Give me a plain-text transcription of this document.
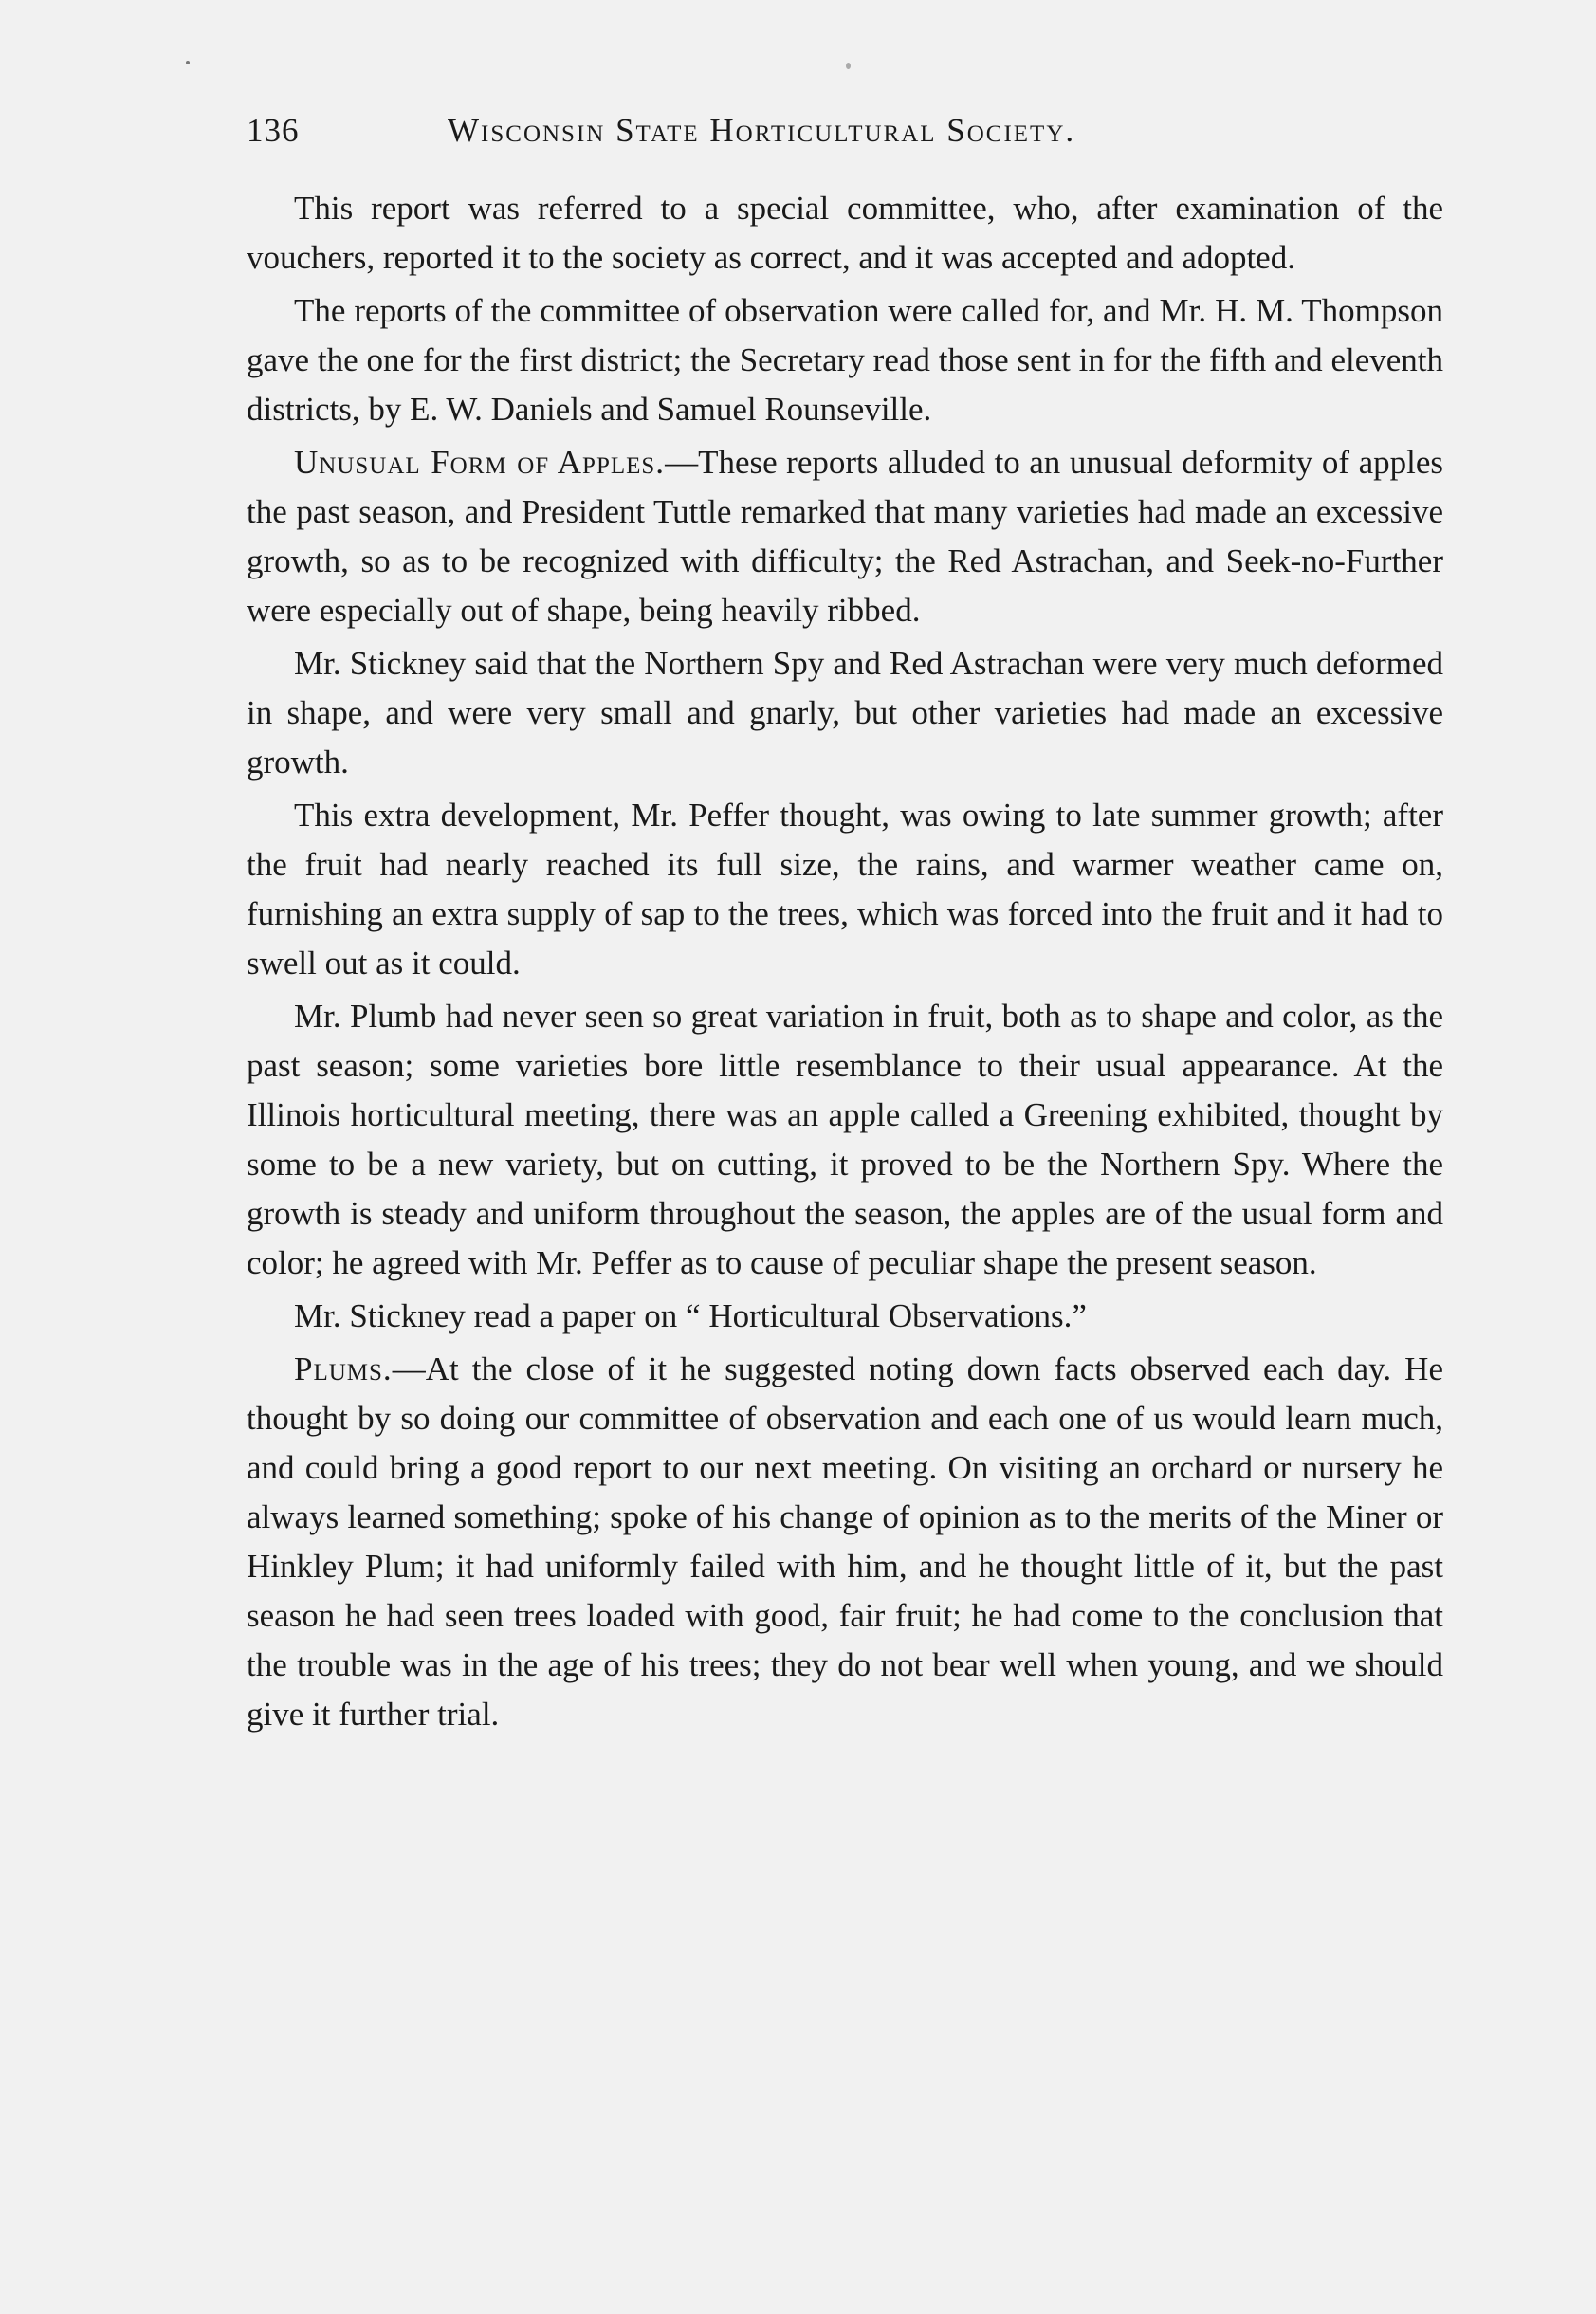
136	Wisconsin State Horticultural Society.

This report was referred to a special committee, who, after examination of the vouchers, reported it to the society as correct, and it was accepted and adopted.

The reports of the committee of observation were called for, and Mr. H. M. Thompson gave the one for the first district; the Secretary read those sent in for the fifth and eleventh districts, by E. W. Daniels and Samuel Rounseville.

Unusual Form of Apples.—These reports alluded to an unusual deformity of apples the past season, and President Tuttle remarked that many varieties had made an excessive growth, so as to be recognized with difficulty; the Red Astrachan, and Seek-no-Further were especially out of shape, being heavily ribbed.

Mr. Stickney said that the Northern Spy and Red Astrachan were very much deformed in shape, and were very small and gnarly, but other varieties had made an excessive growth.

This extra development, Mr. Peffer thought, was owing to late summer growth; after the fruit had nearly reached its full size, the rains, and warmer weather came on, furnishing an extra supply of sap to the trees, which was forced into the fruit and it had to swell out as it could.

Mr. Plumb had never seen so great variation in fruit, both as to shape and color, as the past season; some varieties bore little resemblance to their usual appearance. At the Illinois horticultural meeting, there was an apple called a Greening exhibited, thought by some to be a new variety, but on cutting, it proved to be the Northern Spy. Where the growth is steady and uniform throughout the season, the apples are of the usual form and color; he agreed with Mr. Peffer as to cause of peculiar shape the present season.

Mr. Stickney read a paper on “ Horticultural Observations.”

Plums.—At the close of it he suggested noting down facts observed each day. He thought by so doing our committee of observation and each one of us would learn much, and could bring a good report to our next meeting. On visiting an orchard or nursery he always learned something; spoke of his change of opinion as to the merits of the Miner or Hinkley Plum; it had uniformly failed with him, and he thought little of it, but the past season he had seen trees loaded with good, fair fruit; he had come to the conclusion that the trouble was in the age of his trees; they do not bear well when young, and we should give it further trial.
